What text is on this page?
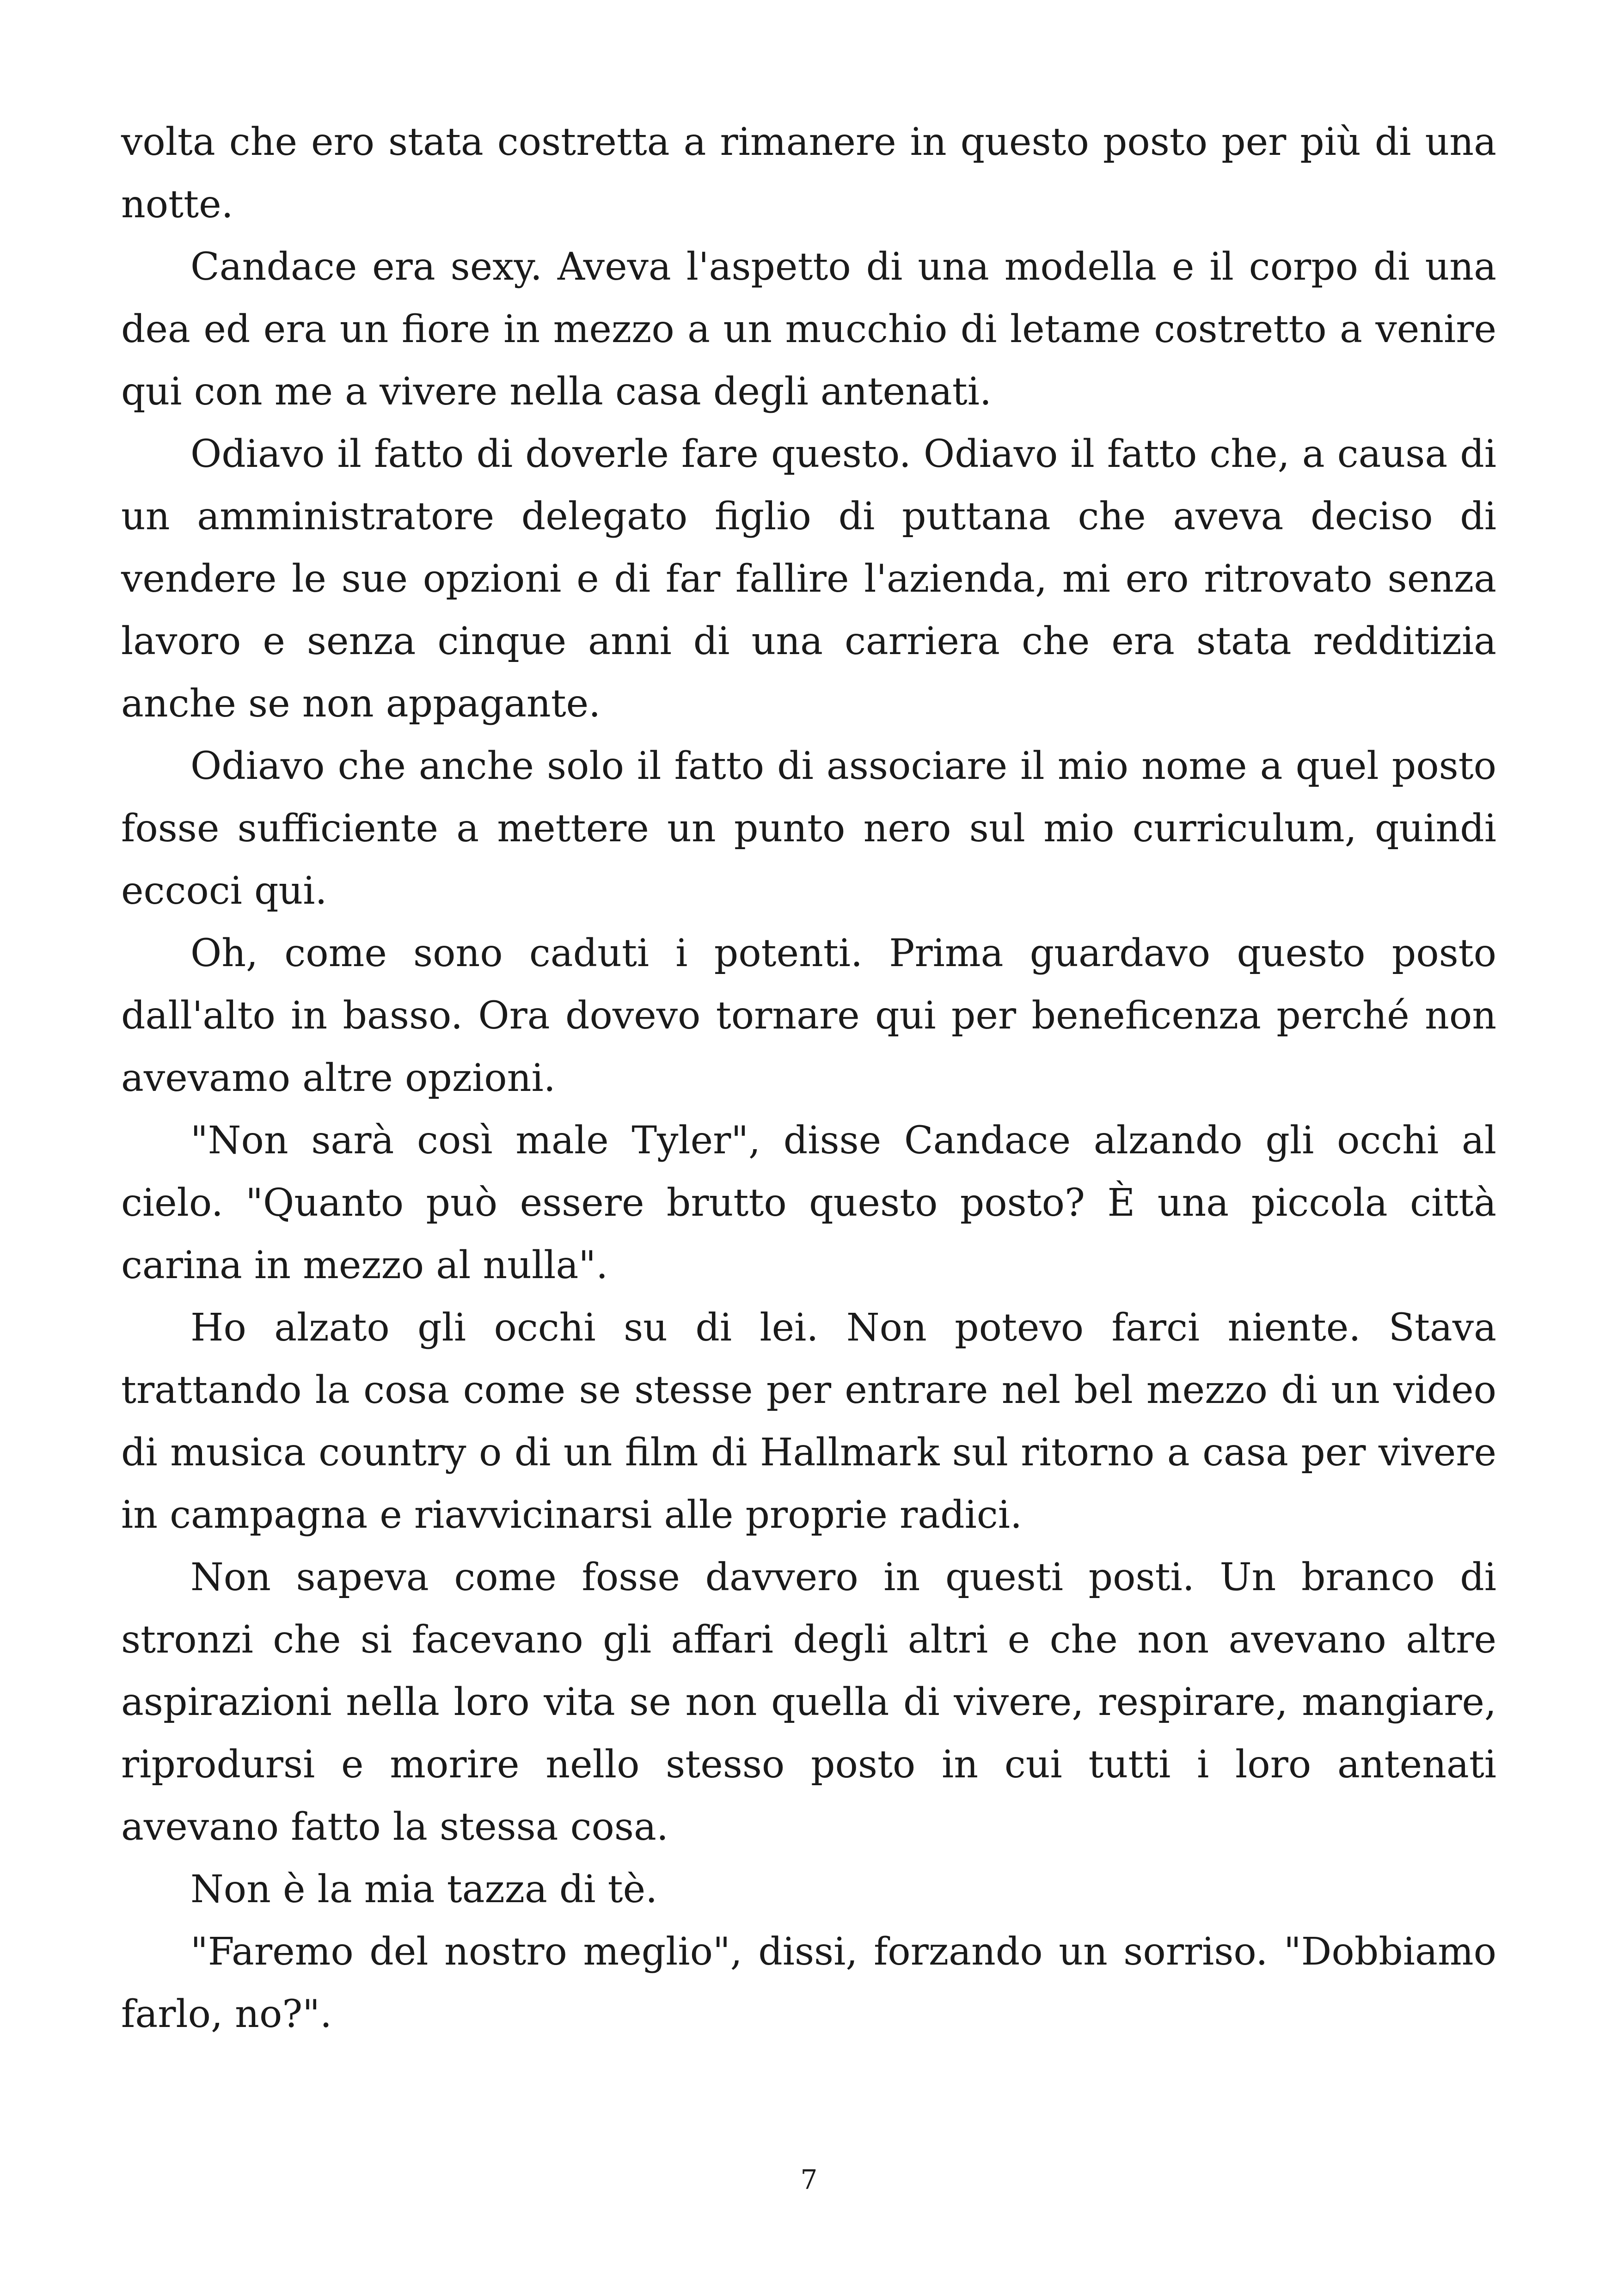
volta che ero stata costretta a rimanere in questo posto per più di una notte.

Candace era sexy. Aveva l'aspetto di una modella e il corpo di una dea ed era un fiore in mezzo a un mucchio di letame costretto a venire qui con me a vivere nella casa degli antenati.

Odiavo il fatto di doverle fare questo. Odiavo il fatto che, a causa di un amministratore delegato figlio di puttana che aveva deciso di vendere le sue opzioni e di far fallire l'azienda, mi ero ritrovato senza lavoro e senza cinque anni di una carriera che era stata redditizia anche se non appagante.

Odiavo che anche solo il fatto di associare il mio nome a quel posto fosse sufficiente a mettere un punto nero sul mio curriculum, quindi eccoci qui.

Oh, come sono caduti i potenti. Prima guardavo questo posto dall'alto in basso. Ora dovevo tornare qui per beneficenza perché non avevamo altre opzioni.

"Non sarà così male Tyler", disse Candace alzando gli occhi al cielo. "Quanto può essere brutto questo posto? È una piccola città carina in mezzo al nulla".

Ho alzato gli occhi su di lei. Non potevo farci niente. Stava trattando la cosa come se stesse per entrare nel bel mezzo di un video di musica country o di un film di Hallmark sul ritorno a casa per vivere in campagna e riavvicinarsi alle proprie radici.

Non sapeva come fosse davvero in questi posti. Un branco di stronzi che si facevano gli affari degli altri e che non avevano altre aspirazioni nella loro vita se non quella di vivere, respirare, mangiare, riprodursi e morire nello stesso posto in cui tutti i loro antenati avevano fatto la stessa cosa.

Non è la mia tazza di tè.

"Faremo del nostro meglio", dissi, forzando un sorriso. "Dobbiamo farlo, no?".

7
